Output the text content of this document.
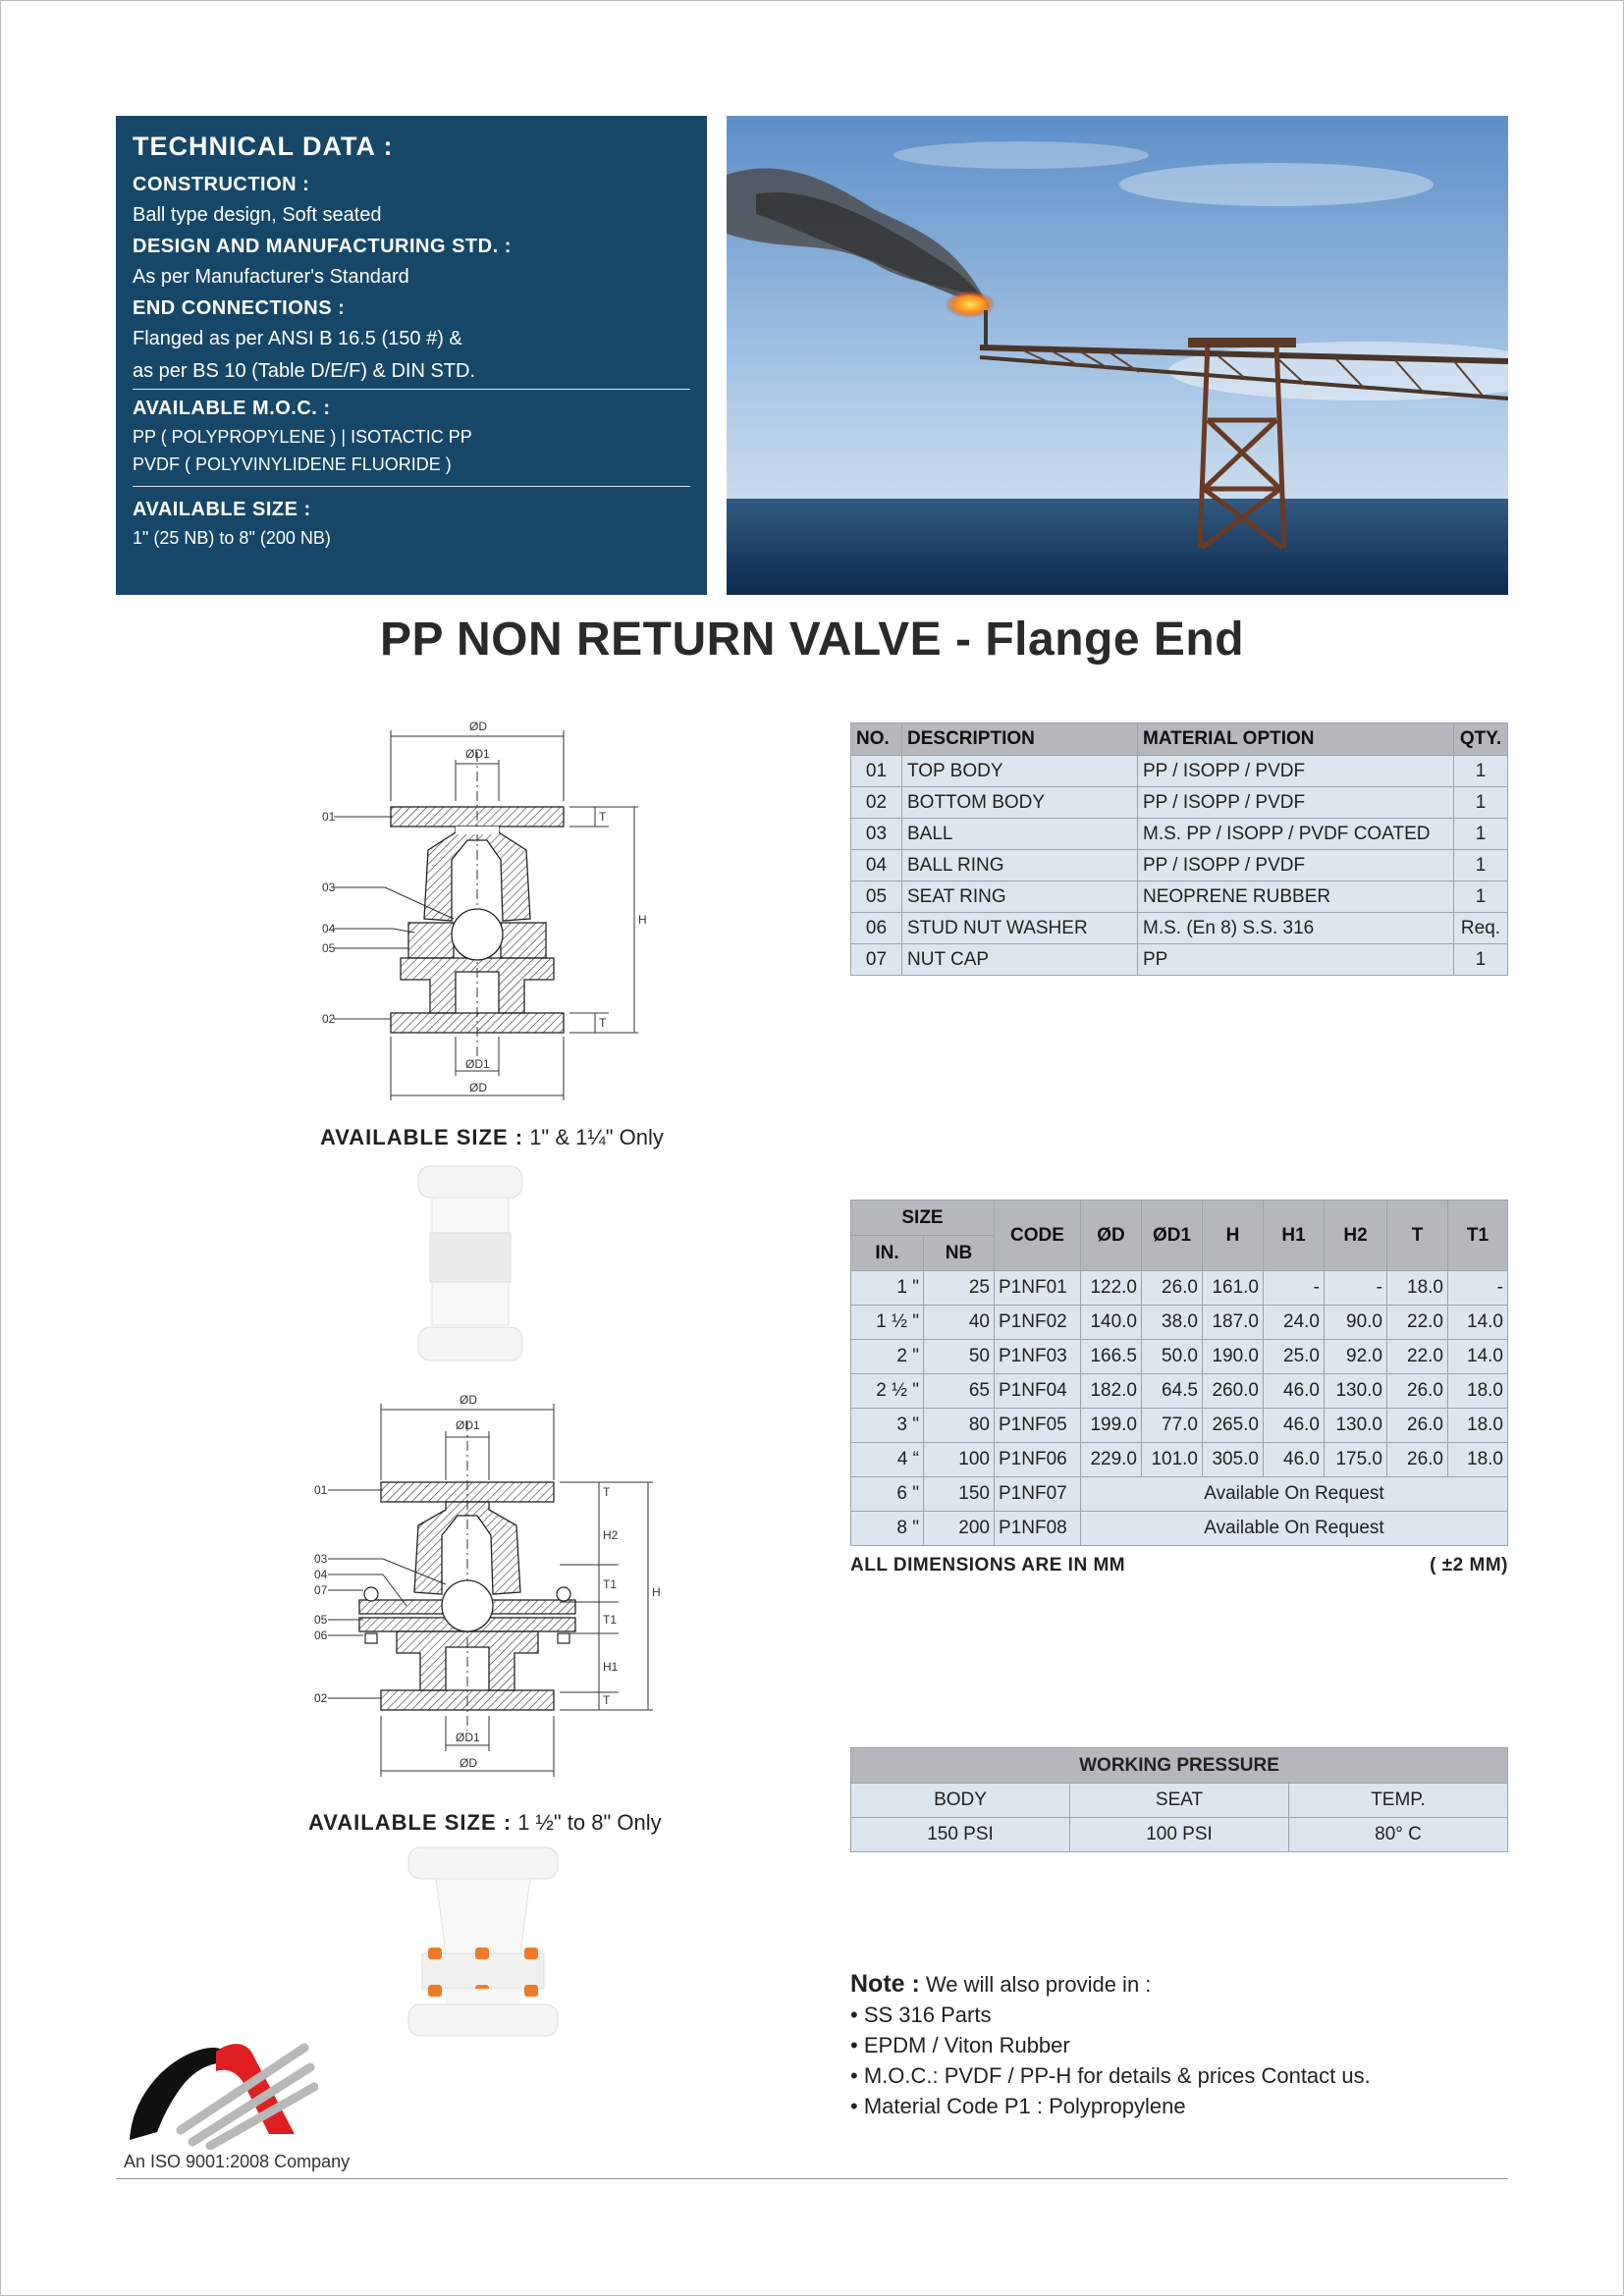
TECHNICAL DATA :
CONSTRUCTION :
Ball type design, Soft seated
DESIGN AND MANUFACTURING STD. :
As per Manufacturer's Standard
END CONNECTIONS :
Flanged as per ANSI B 16.5 (150 #) &
as per BS 10 (Table D/E/F) & DIN STD.
AVAILABLE M.O.C. :
PP ( POLYPROPYLENE ) | ISOTACTIC PP
PVDF ( POLYVINYLIDENE FLUORIDE )
AVAILABLE SIZE :
1" (25 NB) to 8" (200 NB)
PP NON RETURN VALVE - Flange End
ØD
ØD1
01
03
04
05
02
T
H
T
ØD1
ØD
AVAILABLE SIZE : 1" & 1¼" Only
ØD
ØD1
01
03
04
07
05
06
02
T
H2
H
T1
T1
H1
T
ØD1
ØD
AVAILABLE SIZE : 1 ½" to 8" Only
NO.	DESCRIPTION	MATERIAL OPTION	QTY.
01	TOP BODY	PP / ISOPP / PVDF	1
02	BOTTOM BODY	PP / ISOPP / PVDF	1
03	BALL	M.S. PP / ISOPP / PVDF COATED	1
04	BALL RING	PP / ISOPP / PVDF	1
05	SEAT RING	NEOPRENE RUBBER	1
06	STUD NUT WASHER	M.S. (En 8) S.S. 316	Req.
07	NUT CAP	PP	1
SIZE		CODE	ØD	ØD1	H	H1	H2	T	T1
IN.	NB								
1 "	25	P1NF01	122.0	26.0	161.0	-	-	18.0	-
1 ½ "	40	P1NF02	140.0	38.0	187.0	24.0	90.0	22.0	14.0
2 "	50	P1NF03	166.5	50.0	190.0	25.0	92.0	22.0	14.0
2 ½ "	65	P1NF04	182.0	64.5	260.0	46.0	130.0	26.0	18.0
3 "	80	P1NF05	199.0	77.0	265.0	46.0	130.0	26.0	18.0
4 “	100	P1NF06	229.0	101.0	305.0	46.0	175.0	26.0	18.0
6 "	150	P1NF07	Available On Request						
8 "	200	P1NF08	Available On Request						
ALL DIMENSIONS ARE IN MM	( ±2 MM)
WORKING PRESSURE		
BODY	SEAT	TEMP.
150 PSI	100 PSI	80° C
Note : We will also provide in :
• SS 316 Parts
• EPDM / Viton Rubber
• M.O.C.: PVDF / PP-H for details & prices Contact us.
• Material Code P1 : Polypropylene
An ISO 9001:2008 Company
